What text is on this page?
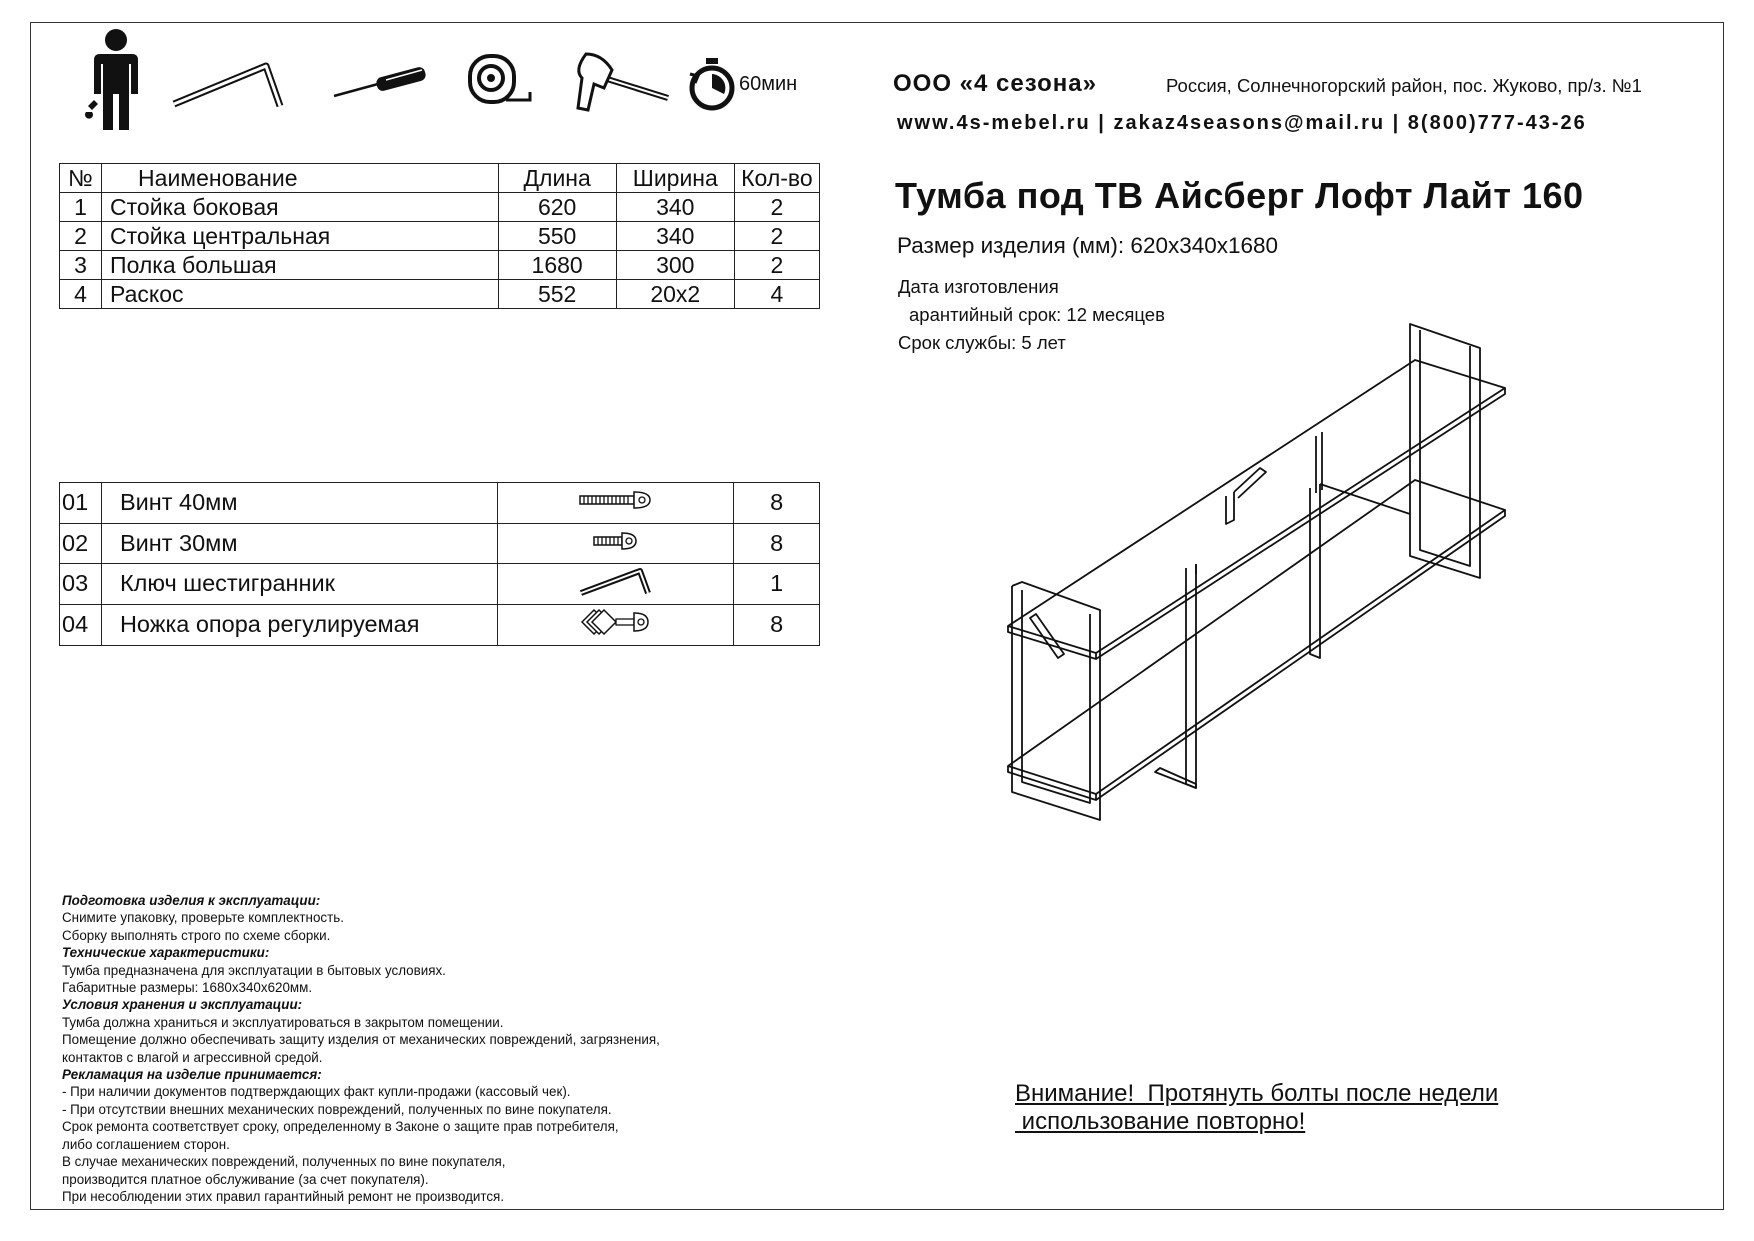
60мин	ООО «4 сезона»	Россия, Солнечногорский район, пос. Жуково, пр/з. №1
www.4s-mebel.ru | zakaz4seasons@mail.ru | 8(800)777-43-26
Тумба под ТВ Айсберг Лофт Лайт 160
Размер изделия (мм): 620х340х1680
Дата изготовления
арантийный срок: 12 месяцев
Срок службы: 5 лет
№	Наименование	Длина	Ширина	Кол-во
1	Стойка боковая	620	340	2
2	Стойка центральная	550	340	2
3	Полка большая	1680	300	2
4	Раскос	552	20х2	4
01	Винт 40мм		8
02	Винт 30мм		8
03	Ключ шестигранник		1
04	Ножка опора регулируемая		8
Подготовка изделия к эксплуатации:
Снимите упаковку, проверьте комплектность.
Сборку выполнять строго по схеме сборки.
Технические характеристики:
Тумба предназначена для эксплуатации в бытовых условиях.
Габаритные размеры: 1680х340х620мм.
Условия хранения и эксплуатации:
Тумба должна храниться и эксплуатироваться в закрытом помещении.
Помещение должно обеспечивать защиту изделия от механических повреждений, загрязнения,
контактов с влагой и агрессивной средой.
Рекламация на изделие принимается:
- При наличии документов подтверждающих факт купли-продажи (кассовый чек).
- При отсутствии внешних механических повреждений, полученных по вине покупателя.
Срок ремонта соответствует сроку, определенному в Законе о защите прав потребителя,
либо соглашением сторон.
В случае механических повреждений, полученных по вине покупателя,
производится платное обслуживание (за счет покупателя).
При несоблюдении этих правил гарантийный ремонт не производится.
Внимание!  Протянуть болты после недели
использование повторно!
